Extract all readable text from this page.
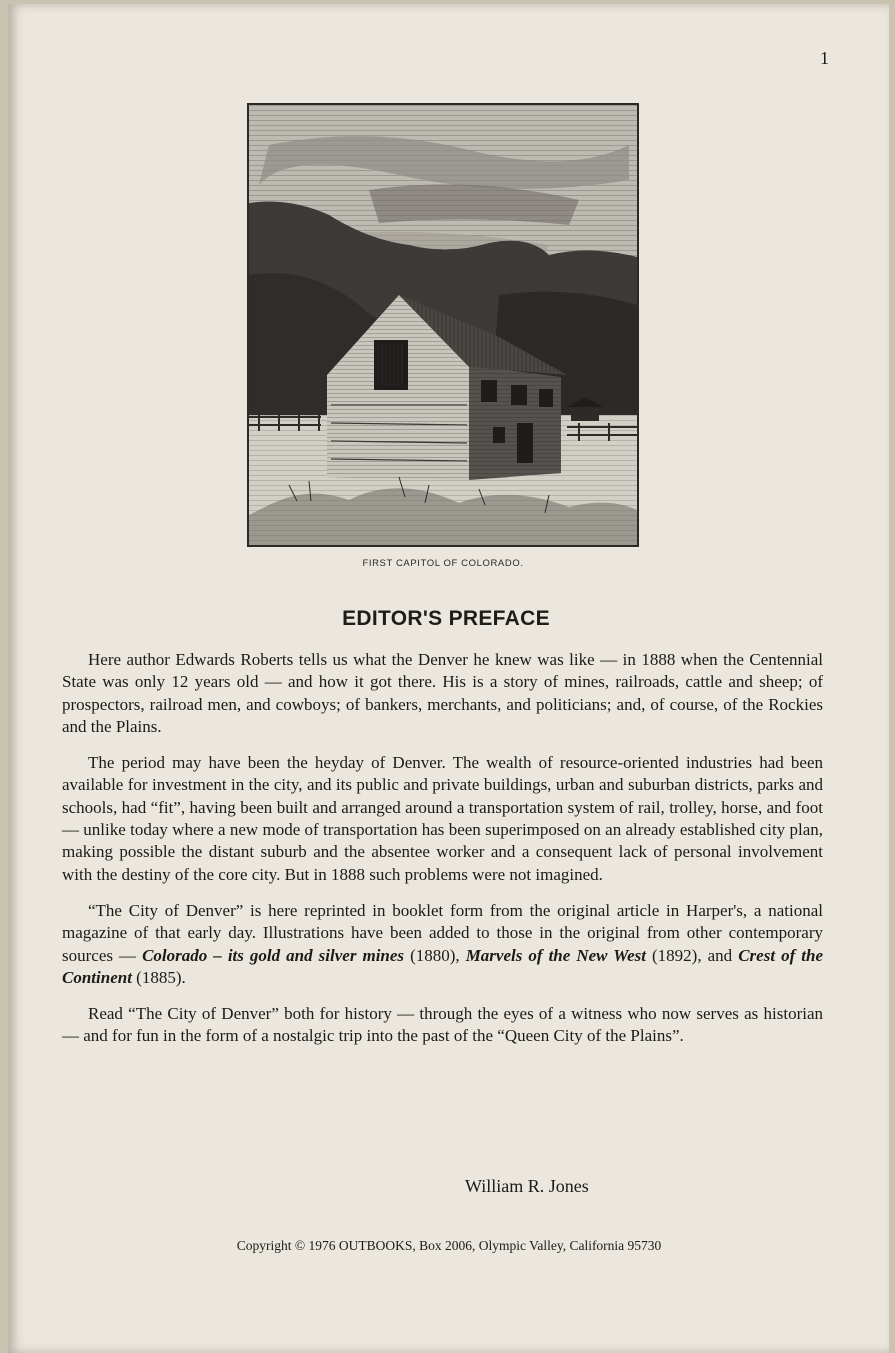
1
FIRST CAPITOL OF COLORADO.
EDITOR'S PREFACE

Here author Edwards Roberts tells us what the Denver he knew was like — in 1888 when the Centennial State was only 12 years old — and how it got there. His is a story of mines, railroads, cattle and sheep; of prospectors, railroad men, and cowboys; of bankers, merchants, and politicians; and, of course, of the Rockies and the Plains.

The period may have been the heyday of Denver. The wealth of resource-oriented industries had been available for investment in the city, and its public and private buildings, urban and suburban districts, parks and schools, had “fit”, having been built and arranged around a transportation system of rail, trolley, horse, and foot — unlike today where a new mode of transportation has been superimposed on an already established city plan, making possible the distant suburb and the absentee worker and a consequent lack of personal involvement with the destiny of the core city. But in 1888 such problems were not imagined.

“The City of Denver” is here reprinted in booklet form from the original article in Harper's, a national magazine of that early day. Illustrations have been added to those in the original from other contemporary sources — Colorado – its gold and silver mines (1880), Marvels of the New West (1892), and Crest of the Continent (1885).

Read “The City of Denver” both for history — through the eyes of a witness who now serves as historian — and for fun in the form of a nostalgic trip into the past of the “Queen City of the Plains”.

William R. Jones
Copyright © 1976 OUTBOOKS, Box 2006, Olympic Valley, California 95730
